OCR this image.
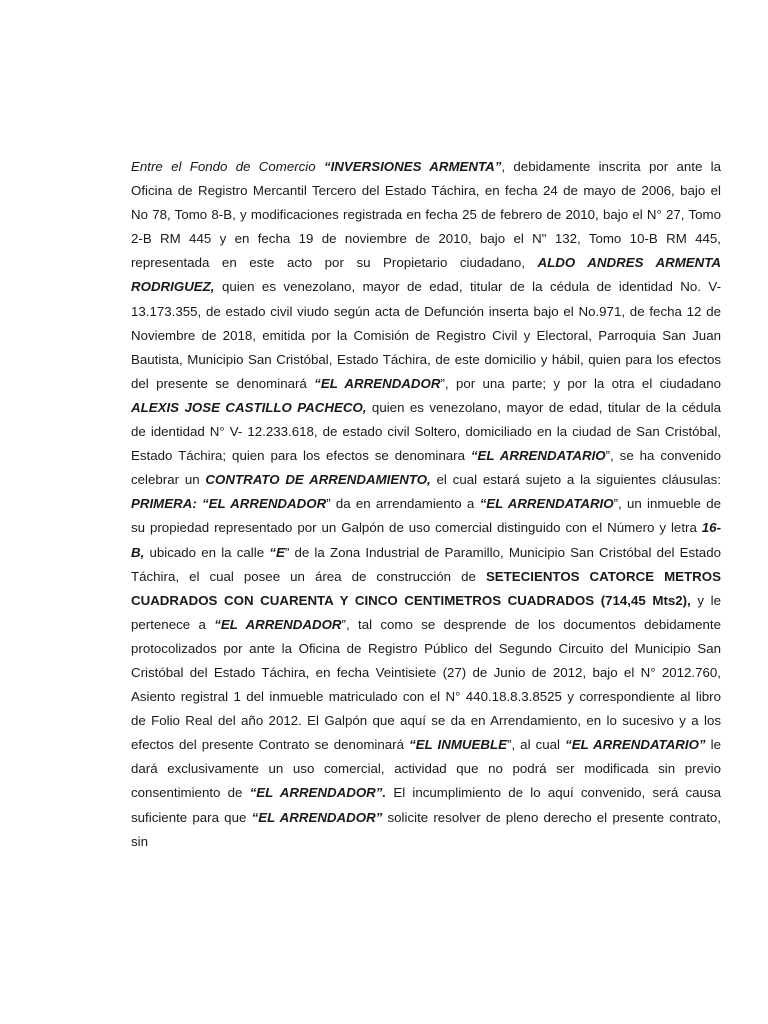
Entre el Fondo de Comercio “INVERSIONES ARMENTA”, debidamente inscrita por ante la Oficina de Registro Mercantil Tercero del Estado Táchira, en fecha 24 de mayo de 2006, bajo el No 78, Tomo 8-B, y modificaciones registrada en fecha 25 de febrero de 2010, bajo el N° 27, Tomo 2-B RM 445 y en fecha 19 de noviembre de 2010, bajo el N" 132, Tomo 10-B RM 445, representada en este acto por su Propietario ciudadano, ALDO ANDRES ARMENTA RODRIGUEZ, quien es venezolano, mayor de edad, titular de la cédula de identidad No. V- 13.173.355, de estado civil viudo según acta de Defunción inserta bajo el No.971, de fecha 12 de Noviembre de 2018, emitida por la Comisión de Registro Civil y Electoral, Parroquia San Juan Bautista, Municipio San Cristóbal, Estado Táchira, de este domicilio y hábil, quien para los efectos del presente se denominará “EL ARRENDADOR”, por una parte; y por la otra el ciudadano ALEXIS JOSE CASTILLO PACHECO, quien es venezolano, mayor de edad, titular de la cédula de identidad N° V- 12.233.618, de estado civil Soltero, domiciliado en la ciudad de San Cristóbal, Estado Táchira; quien para los efectos se denominara “EL ARRENDATARIO”, se ha convenido celebrar un CONTRATO DE ARRENDAMIENTO, el cual estará sujeto a la siguientes cláusulas: PRIMERA: “EL ARRENDADOR” da en arrendamiento a “EL ARRENDATARIO”, un inmueble de su propiedad representado por un Galpón de uso comercial distinguido con el Número y letra 16-B, ubicado en la calle “E” de la Zona Industrial de Paramillo, Municipio San Cristóbal del Estado Táchira, el cual posee un área de construcción de SETECIENTOS CATORCE METROS CUADRADOS CON CUARENTA Y CINCO CENTIMETROS CUADRADOS (714,45 Mts2), y le pertenece a “EL ARRENDADOR”, tal como se desprende de los documentos debidamente protocolizados por ante la Oficina de Registro Público del Segundo Circuito del Municipio San Cristóbal del Estado Táchira, en fecha Veintisiete (27) de Junio de 2012, bajo el N° 2012.760, Asiento registral 1 del inmueble matriculado con el N° 440.18.8.3.8525 y correspondiente al libro de Folio Real del año 2012. El Galpón que aquí se da en Arrendamiento, en lo sucesivo y a los efectos del presente Contrato se denominará “EL INMUEBLE”, al cual “EL ARRENDATARIO” le dará exclusivamente un uso comercial, actividad que no podrá ser modificada sin previo consentimiento de “EL ARRENDADOR”. El incumplimiento de lo aquí convenido, será causa suficiente para que “EL ARRENDADOR” solicite resolver de pleno derecho el presente contrato, sin
